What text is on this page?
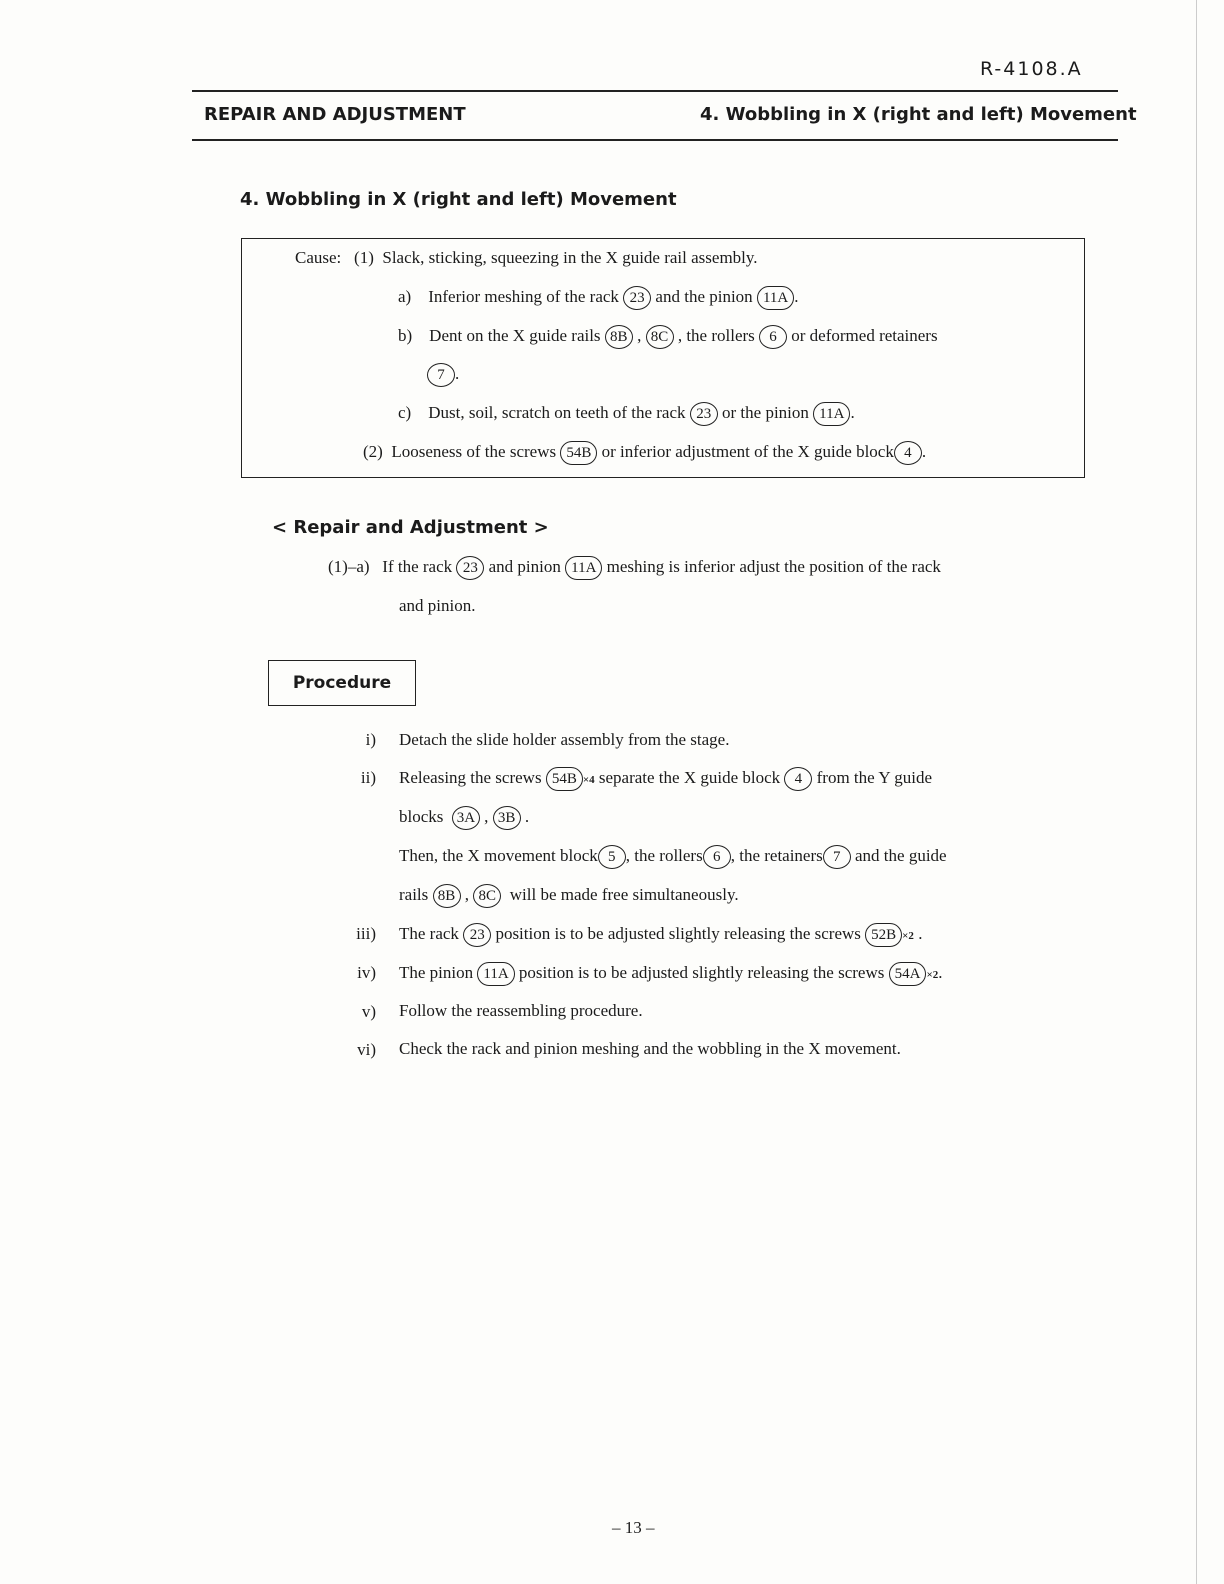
R-4108.A
REPAIR AND ADJUSTMENT	4. Wobbling in X (right and left) Movement
4. Wobbling in X (right and left) Movement
Cause: (1) Slack, sticking, squeezing in the X guide rail assembly.
a) Inferior meshing of the rack 23 and the pinion 11A .
b) Dent on the X guide rails 8B , 8C , the rollers 6 or deformed retainers
7 .
c) Dust, soil, scratch on teeth of the rack 23 or the pinion 11A .
(2) Looseness of the screws 54B or inferior adjustment of the X guide block 4 .
< Repair and Adjustment >
(1)–a) If the rack 23 and pinion 11A meshing is inferior adjust the position of the rack
and pinion.
Procedure
i) Detach the slide holder assembly from the stage.
ii) Releasing the screws 54B ×4 separate the X guide block 4 from the Y guide
blocks 3A , 3B .
Then, the X movement block 5 , the rollers 6 , the retainers 7 and the guide
rails 8B , 8C will be made free simultaneously.
iii) The rack 23 position is to be adjusted slightly releasing the screws 52B ×2 .
iv) The pinion 11A position is to be adjusted slightly releasing the screws 54A ×2.
v) Follow the reassembling procedure.
vi) Check the rack and pinion meshing and the wobbling in the X movement.
– 13 –
